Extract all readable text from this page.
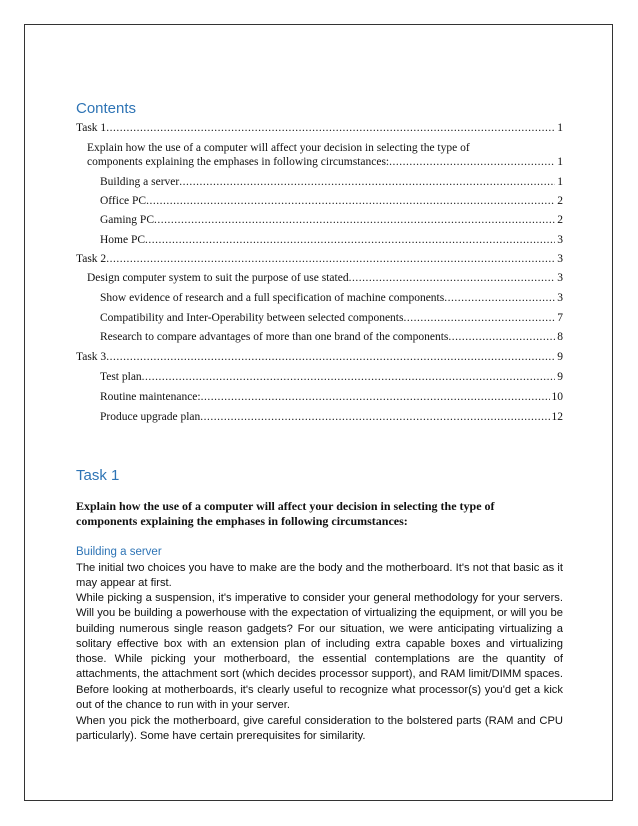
Contents
Task 1 .....	1
Explain how the use of a computer will affect your decision in selecting the type of
components explaining the emphases in following circumstances: .....	1
Building a server .....	1
Office PC .....	2
Gaming PC .....	2
Home PC .....	3
Task 2 .....	3
Design computer system to suit the purpose of use stated .....	3
Show evidence of research and a full specification of machine components .....	3
Compatibility and Inter-Operability between selected components .....	7
Research to compare advantages of more than one brand of the components .....	8
Task 3 .....	9
Test plan .....	9
Routine maintenance: .....	10
Produce upgrade plan .....	12
Task 1
Explain how the use of a computer will affect your decision in selecting the type of components explaining the emphases in following circumstances:
Building a server

The initial two choices you have to make are the body and the motherboard. It's not that basic as it may appear at first.

While picking a suspension, it's imperative to consider your general methodology for your servers. Will you be building a powerhouse with the expectation of virtualizing the equipment, or will you be building numerous single reason gadgets? For our situation, we were anticipating virtualizing a solitary effective box with an extension plan of including extra capable boxes and virtualizing those. While picking your motherboard, the essential contemplations are the quantity of attachments, the attachment sort (which decides processor support), and RAM limit/DIMM spaces. Before looking at motherboards, it's clearly useful to recognize what processor(s) you'd get a kick out of the chance to run with in your server.

When you pick the motherboard, give careful consideration to the bolstered parts (RAM and CPU particularly). Some have certain prerequisites for similarity.
